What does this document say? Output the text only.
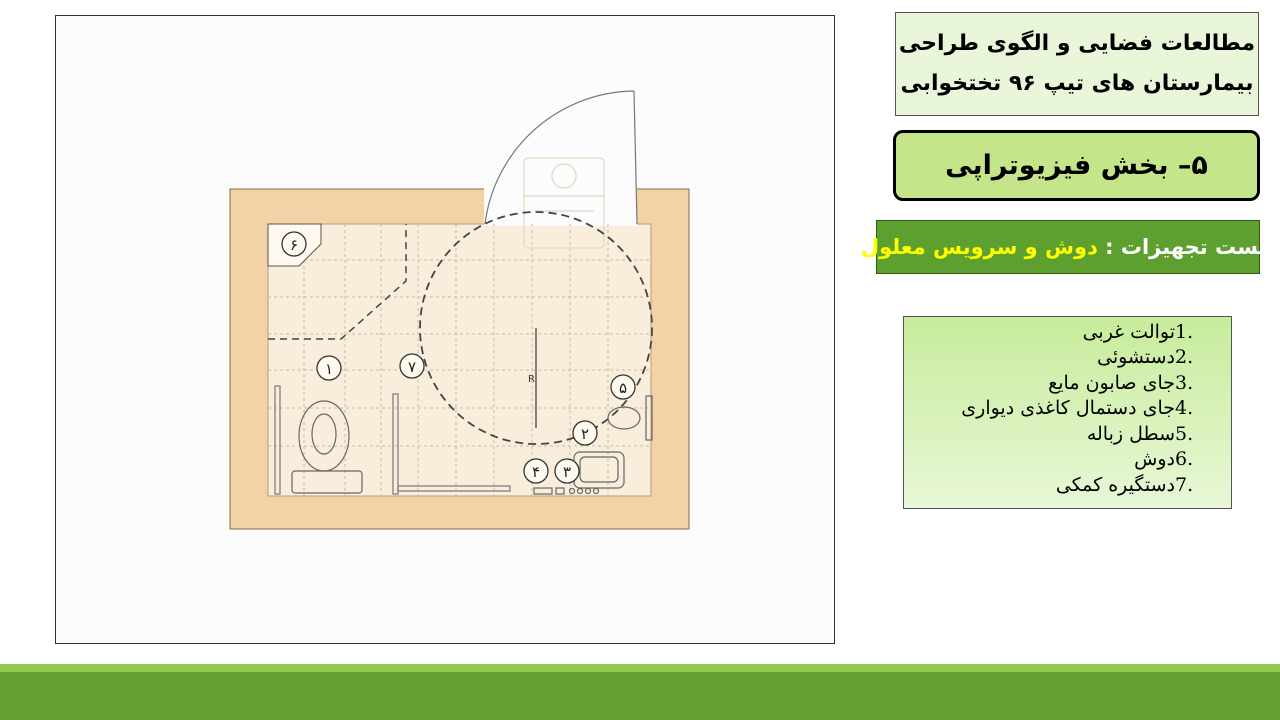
R
۱
۲
۳
۴
۵
۶
۷
مطالعات فضایی و الگوی طراحی
بیمارستان های تیپ ۹۶ تختخوابی
۵– بخش فیزیوتراپی
لیست تجهیزات :

دوش و سرویس معلول
1.
توالت غربی
2.
دستشوئی
3.
جای صابون مایع
4.
جای دستمال کاغذی دیواری
5.
سطل زباله
6.
دوش
7.
دستگیره کمکی
